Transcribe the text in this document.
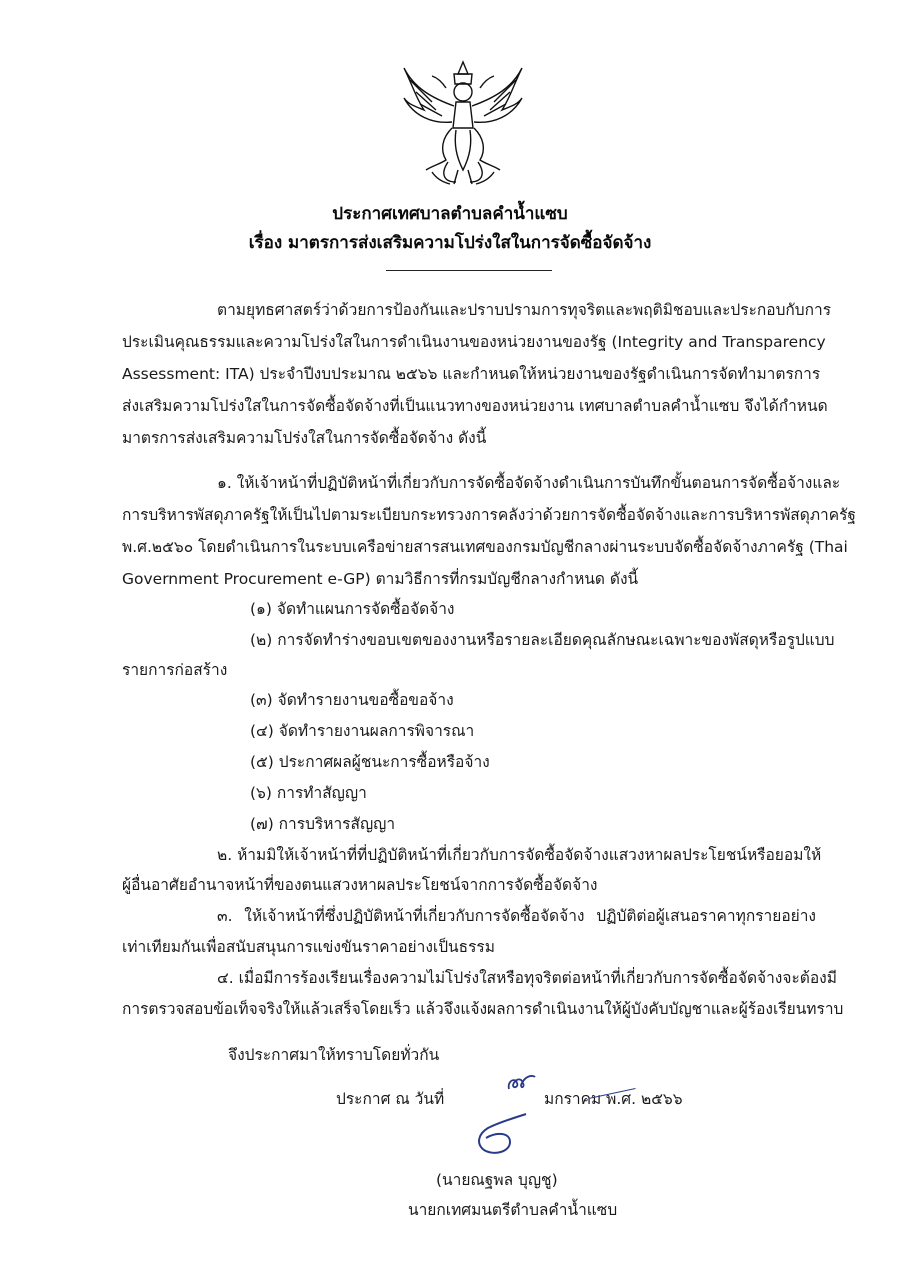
ประกาศเทศบาลตำบลคำน้ำแซบ
เรื่อง มาตรการส่งเสริมความโปร่งใสในการจัดซื้อจัดจ้าง
ตามยุทธศาสตร์ว่าด้วยการป้องกันและปราบปรามการทุจริตและพฤติมิชอบและประกอบกับการ
ประเมินคุณธรรมและความโปร่งใสในการดำเนินงานของหน่วยงานของรัฐ (Integrity and Transparency
Assessment: ITA) ประจำปีงบประมาณ ๒๕๖๖ และกำหนดให้หน่วยงานของรัฐดำเนินการจัดทำมาตรการ
ส่งเสริมความโปร่งใสในการจัดซื้อจัดจ้างที่เป็นแนวทางของหน่วยงาน เทศบาลตำบลคำน้ำแซบ จึงได้กำหนด
มาตรการส่งเสริมความโปร่งใสในการจัดซื้อจัดจ้าง ดังนี้
๑. ให้เจ้าหน้าที่ปฏิบัติหน้าที่เกี่ยวกับการจัดซื้อจัดจ้างดำเนินการบันทึกขั้นตอนการจัดซื้อจ้างและ
การบริหารพัสดุภาครัฐให้เป็นไปตามระเบียบกระทรวงการคลังว่าด้วยการจัดซื้อจัดจ้างและการบริหารพัสดุภาครัฐ
พ.ศ.๒๕๖๐ โดยดำเนินการในระบบเครือข่ายสารสนเทศของกรมบัญชีกลางผ่านระบบจัดซื้อจัดจ้างภาครัฐ (Thai
Government Procurement e-GP) ตามวิธีการที่กรมบัญชีกลางกำหนด ดังนี้
(๑) จัดทำแผนการจัดซื้อจัดจ้าง
(๒) การจัดทำร่างขอบเขตของงานหรือรายละเอียดคุณลักษณะเฉพาะของพัสดุหรือรูปแบบ
รายการก่อสร้าง
(๓) จัดทำรายงานขอซื้อขอจ้าง
(๔) จัดทำรายงานผลการพิจารณา
(๕) ประกาศผลผู้ชนะการซื้อหรือจ้าง
(๖) การทำสัญญา
(๗) การบริหารสัญญา
๒. ห้ามมิให้เจ้าหน้าที่ที่ปฏิบัติหน้าที่เกี่ยวกับการจัดซื้อจัดจ้างแสวงหาผลประโยชน์หรือยอมให้
ผู้อื่นอาศัยอำนาจหน้าที่ของตนแสวงหาผลประโยชน์จากการจัดซื้อจัดจ้าง
๓. ให้เจ้าหน้าที่ซึ่งปฏิบัติหน้าที่เกี่ยวกับการจัดซื้อจัดจ้าง ปฏิบัติต่อผู้เสนอราคาทุกรายอย่าง
เท่าเทียมกันเพื่อสนับสนุนการแข่งขันราคาอย่างเป็นธรรม
๔. เมื่อมีการร้องเรียนเรื่องความไม่โปร่งใสหรือทุจริตต่อหน้าที่เกี่ยวกับการจัดซื้อจัดจ้างจะต้องมี
การตรวจสอบข้อเท็จจริงให้แล้วเสร็จโดยเร็ว แล้วจึงแจ้งผลการดำเนินงานให้ผู้บังคับบัญชาและผู้ร้องเรียนทราบ
จึงประกาศมาให้ทราบโดยทั่วกัน
ประกาศ ณ วันที่	มกราคม พ.ศ. ๒๕๖๖
(นายณฐพล บุญชู)
นายกเทศมนตรีตำบลคำน้ำแซบ
